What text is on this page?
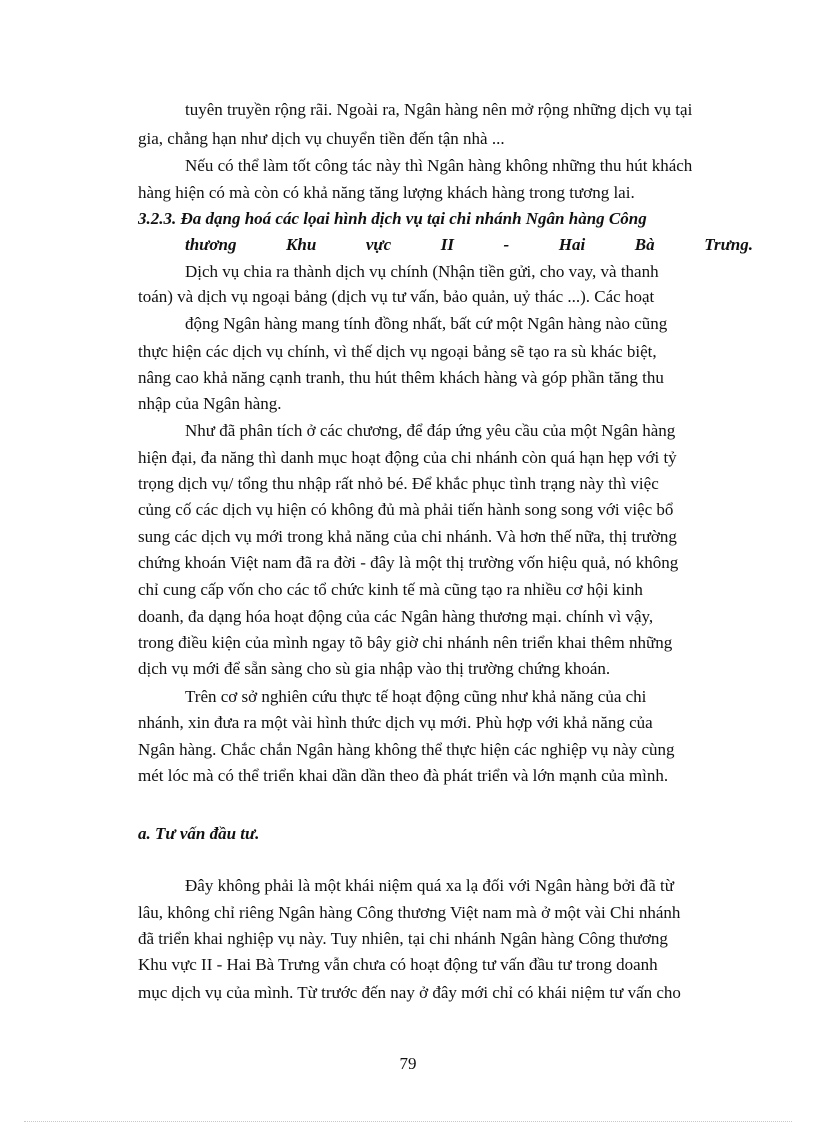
tuyên truyền rộng rãi. Ngoài ra, Ngân hàng nên mở rộng những dịch vụ tại
gia, chẳng hạn như dịch vụ chuyển tiền đến tận nhà ...
Nếu có thể làm tốt công tác này thì Ngân hàng không những thu hút khách
hàng hiện có mà còn có khả năng tăng lượng khách hàng trong tương lai.
3.2.3. Đa dạng hoá các lọai hình dịch vụ tại chi nhánh Ngân hàng Công
thương Khu vực II - Hai Bà Trưng.
Dịch vụ chia ra thành dịch vụ chính (Nhận tiền gửi, cho vay, và thanh
toán) và dịch vụ ngoại bảng (dịch vụ tư vấn, bảo quản, uỷ thác ...). Các hoạt
động Ngân hàng mang tính đồng nhất, bất cứ một Ngân hàng nào cũng
thực hiện các dịch vụ chính, vì thế dịch vụ ngoại bảng sẽ tạo ra sù khác biệt,
nâng cao khả năng cạnh tranh, thu hút thêm khách hàng và góp phần tăng thu
nhập của Ngân hàng.
Như đã phân tích ở các chương, để đáp ứng yêu cầu của một Ngân hàng
hiện đại, đa năng thì danh mục hoạt động của chi nhánh còn quá hạn hẹp với tỷ
trọng dịch vụ/ tổng thu nhập rất nhỏ bé. Để khắc phục tình trạng này thì việc
củng cố các dịch vụ hiện có không đủ mà phải tiến hành song song với việc bổ
sung các dịch vụ mới trong khả năng của chi nhánh. Và hơn thế nữa, thị trường
chứng khoán Việt nam đã ra đời - đây là một thị trường vốn hiệu quả, nó không
chỉ cung cấp vốn cho các tổ chức kinh tế mà cũng tạo ra nhiều cơ hội kinh
doanh, đa dạng hóa hoạt động của các Ngân hàng thương mại. chính vì vậy,
trong điều kiện của mình ngay tõ bây giờ chi nhánh nên triển khai thêm những
dịch vụ mới để sẵn sàng cho sù gia nhập vào thị trường chứng khoán.
Trên cơ sở nghiên cứu thực tế hoạt động cũng như khả năng của chi
nhánh, xin đưa ra một vài hình thức dịch vụ mới. Phù hợp với khả năng của
Ngân hàng. Chắc chắn Ngân hàng không thể thực hiện các nghiệp vụ này cùng
mét lóc mà có thể triển khai dần dần theo đà phát triển và lớn mạnh của mình.
a. Tư vấn đầu tư.
Đây không phải là một khái niệm quá xa lạ đối với Ngân hàng bởi đã từ
lâu, không chỉ riêng Ngân hàng Công thương Việt nam mà ở một vài Chi nhánh
đã triển khai nghiệp vụ này. Tuy nhiên, tại chi nhánh Ngân hàng Công thương
Khu vực II - Hai Bà Trưng vẫn chưa có hoạt động tư vấn đầu tư trong doanh
mục dịch vụ của mình. Từ trước đến nay ở đây mới chỉ có khái niệm tư vấn cho
79
